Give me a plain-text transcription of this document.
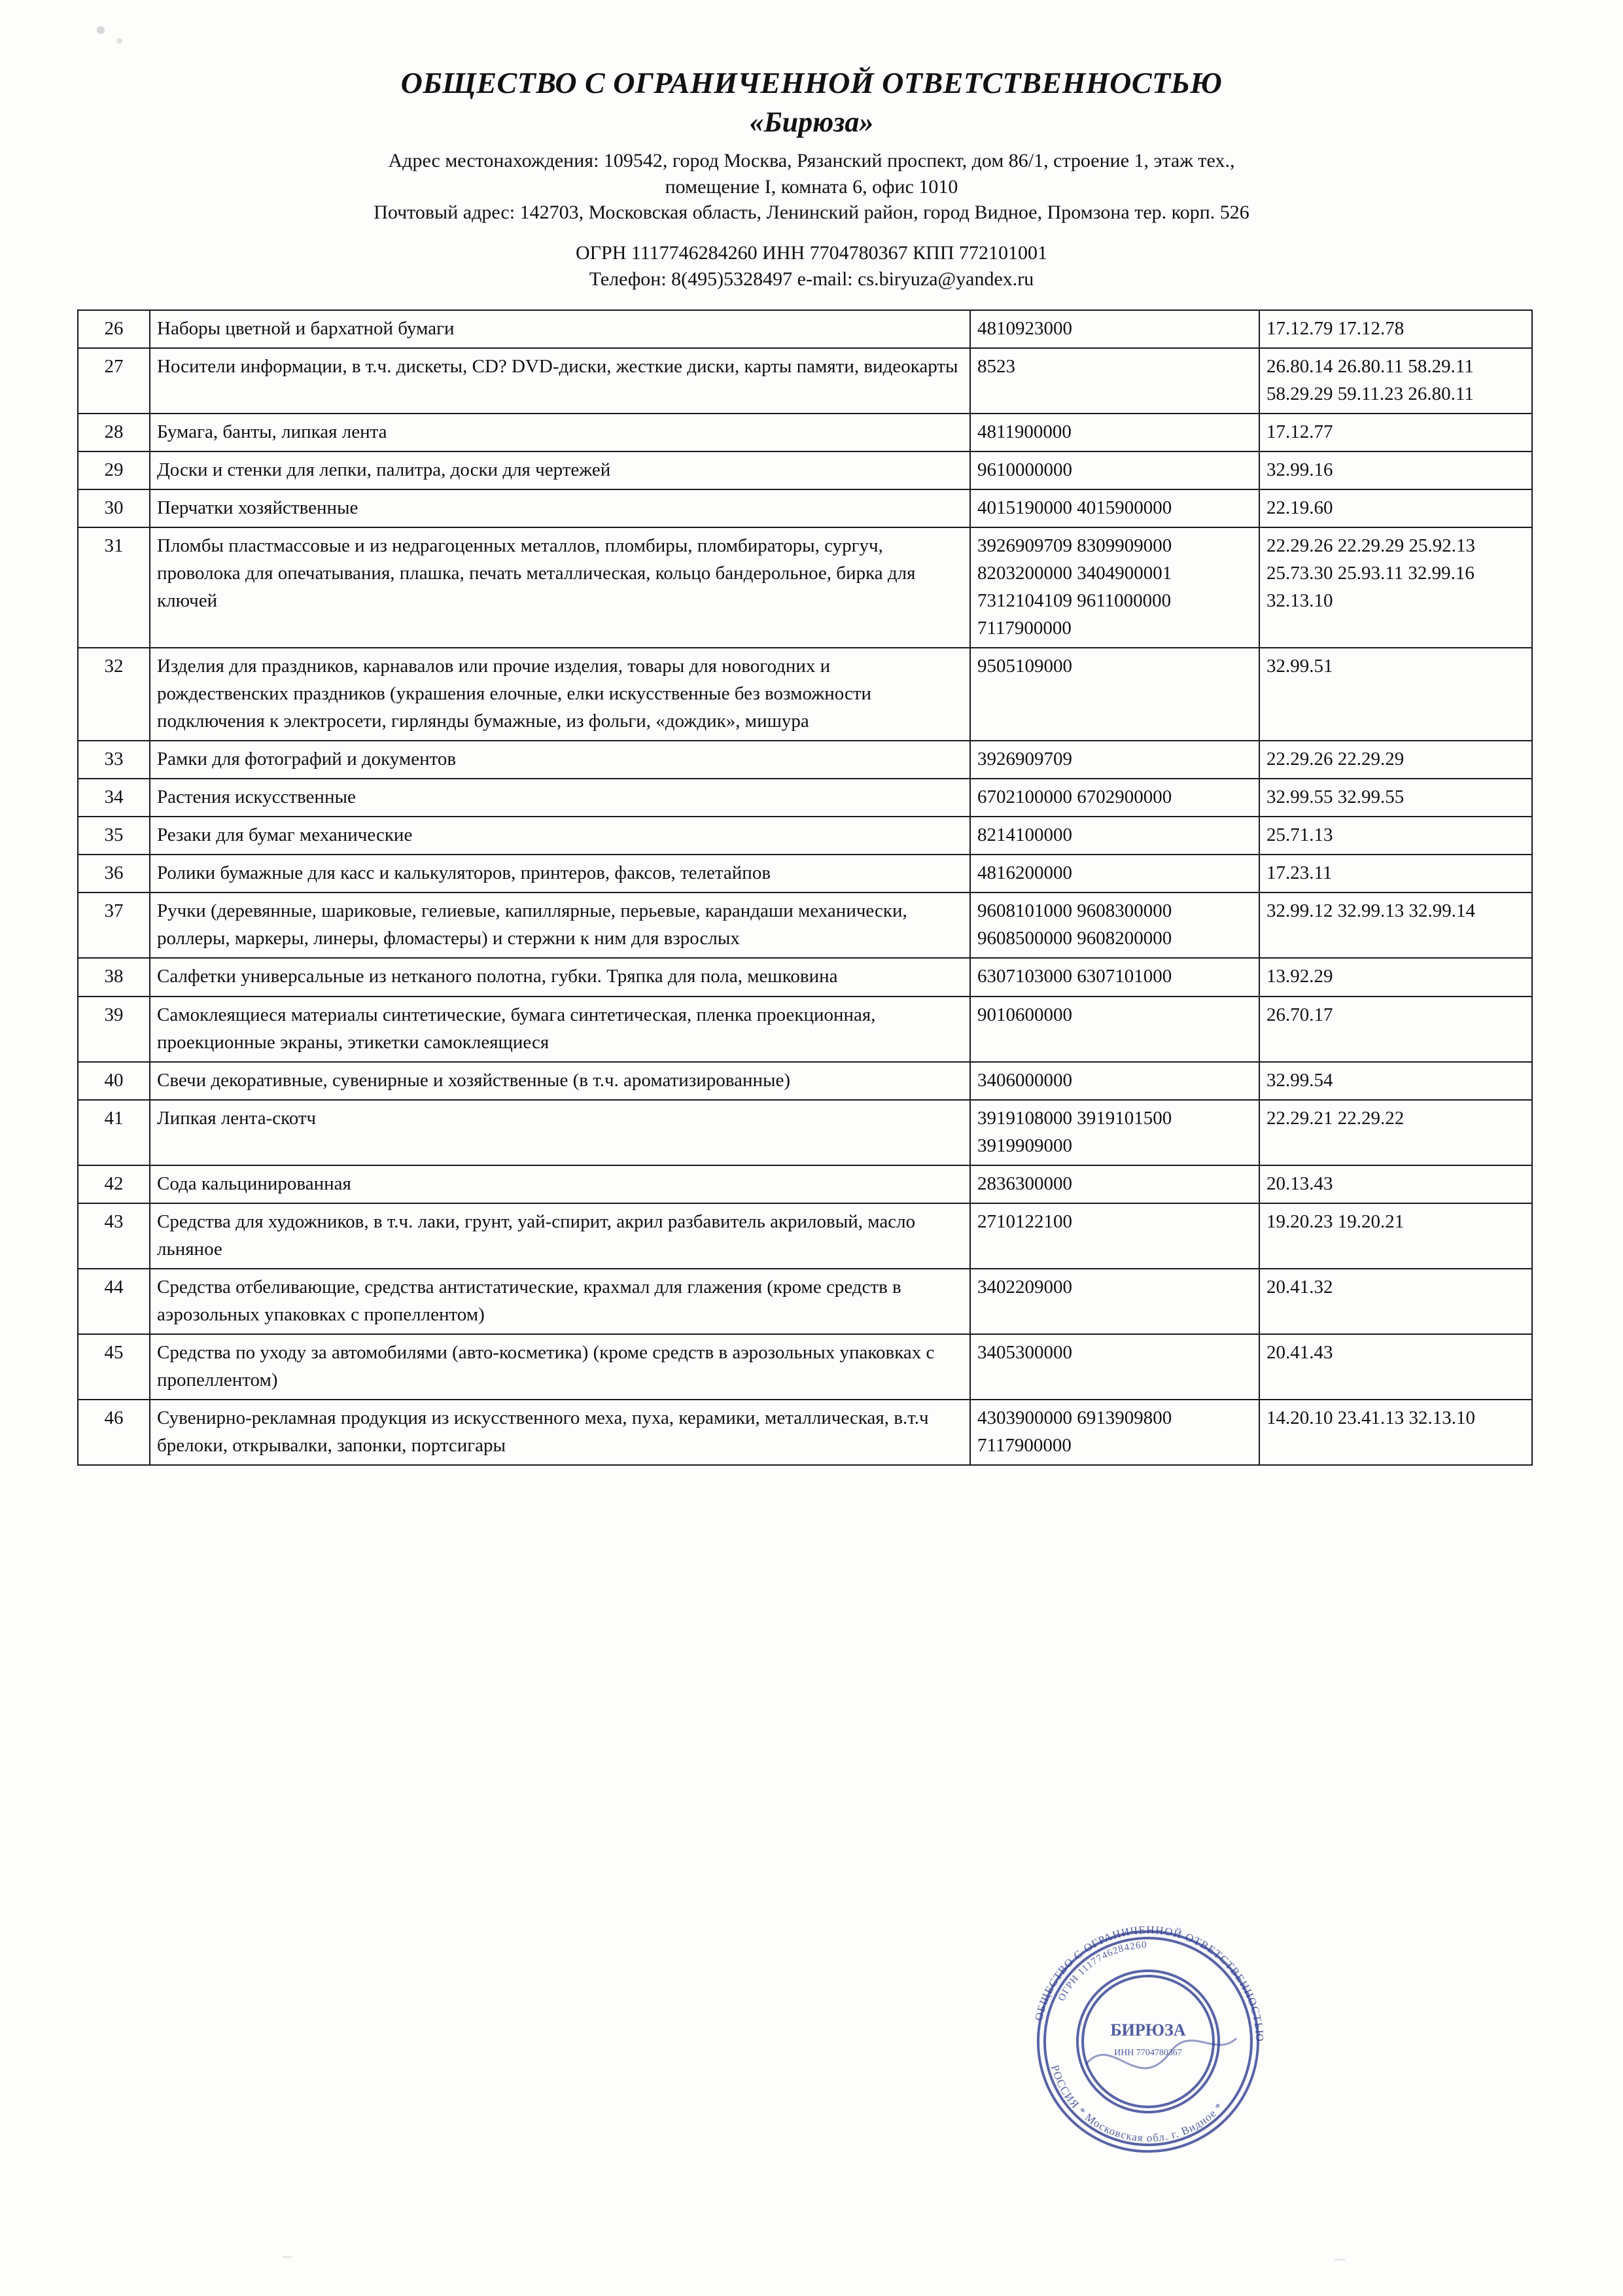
ОБЩЕСТВО С ОГРАНИЧЕННОЙ ОТВЕТСТВЕННОСТЬЮ
«Бирюза»
Адрес местонахождения: 109542, город Москва, Рязанский проспект, дом 86/1, строение 1, этаж тех.,
помещение I, комната 6, офис 1010
Почтовый адрес: 142703, Московская область, Ленинский район, город Видное, Промзона тер. корп. 526
ОГРН 1117746284260 ИНН 7704780367 КПП 772101001
Телефон: 8(495)5328497 e-mail: cs.biryuza@yandex.ru
26	Наборы цветной и бархатной бумаги	4810923000	17.12.79 17.12.78
27	Носители информации, в т.ч. дискеты, CD? DVD-диски, жесткие диски, карты памяти, видеокарты	8523	26.80.14 26.80.11 58.29.11 58.29.29 59.11.23 26.80.11
28	Бумага, банты, липкая лента	4811900000	17.12.77
29	Доски и стенки для лепки, палитра, доски для чертежей	9610000000	32.99.16
30	Перчатки хозяйственные	4015190000 4015900000	22.19.60
31	Пломбы пластмассовые и из недрагоценных металлов, пломбиры, пломбираторы, сургуч, проволока для опечатывания, плашка, печать металлическая, кольцо бандерольное, бирка для ключей	3926909709 8309909000 8203200000 3404900001 7312104109 9611000000 7117900000	22.29.26 22.29.29 25.92.13 25.73.30 25.93.11 32.99.16 32.13.10
32	Изделия для праздников, карнавалов или прочие изделия, товары для новогодних и рождественских праздников (украшения елочные, елки искусственные без возможности подключения к электросети, гирлянды бумажные, из фольги, «дождик», мишура	9505109000	32.99.51
33	Рамки для фотографий и документов	3926909709	22.29.26 22.29.29
34	Растения искусственные	6702100000 6702900000	32.99.55 32.99.55
35	Резаки для бумаг механические	8214100000	25.71.13
36	Ролики бумажные для касс и калькуляторов, принтеров, факсов, телетайпов	4816200000	17.23.11
37	Ручки (деревянные, шариковые, гелиевые, капиллярные, перьевые, карандаши механически, роллеры, маркеры, линеры, фломастеры) и стержни к ним для взрослых	9608101000 9608300000 9608500000 9608200000	32.99.12 32.99.13 32.99.14
38	Салфетки универсальные из нетканого полотна, губки. Тряпка для пола, мешковина	6307103000 6307101000	13.92.29
39	Самоклеящиеся материалы синтетические, бумага синтетическая, пленка проекционная, проекционные экраны, этикетки самоклеящиеся	9010600000	26.70.17
40	Свечи декоративные, сувенирные и хозяйственные (в т.ч. ароматизированные)	3406000000	32.99.54
41	Липкая лента-скотч	3919108000 3919101500 3919909000	22.29.21 22.29.22
42	Сода кальцинированная	2836300000	20.13.43
43	Средства для художников, в т.ч. лаки, грунт, уай-спирит, акрил разбавитель акриловый, масло льняное	2710122100	19.20.23 19.20.21
44	Средства отбеливающие, средства антистатические, крахмал для глажения (кроме средств в аэрозольных упаковках с пропеллентом)	3402209000	20.41.32
45	Средства по уходу за автомобилями (авто-косметика) (кроме средств в аэрозольных упаковках с пропеллентом)	3405300000	20.41.43
46	Сувенирно-рекламная продукция из искусственного меха, пуха, керамики, металлическая, в.т.ч брелоки, открывалки, запонки, портсигары	4303900000 6913909800 7117900000	14.20.10 23.41.13 32.13.10
ОБЩЕСТВО С ОГРАНИЧЕННОЙ ОТВЕТСТВЕННОСТЬЮ
РОССИЯ * Московская обл. г. Видное *
ОГРН 1117746284260
БИРЮЗА
ИНН 7704780367
